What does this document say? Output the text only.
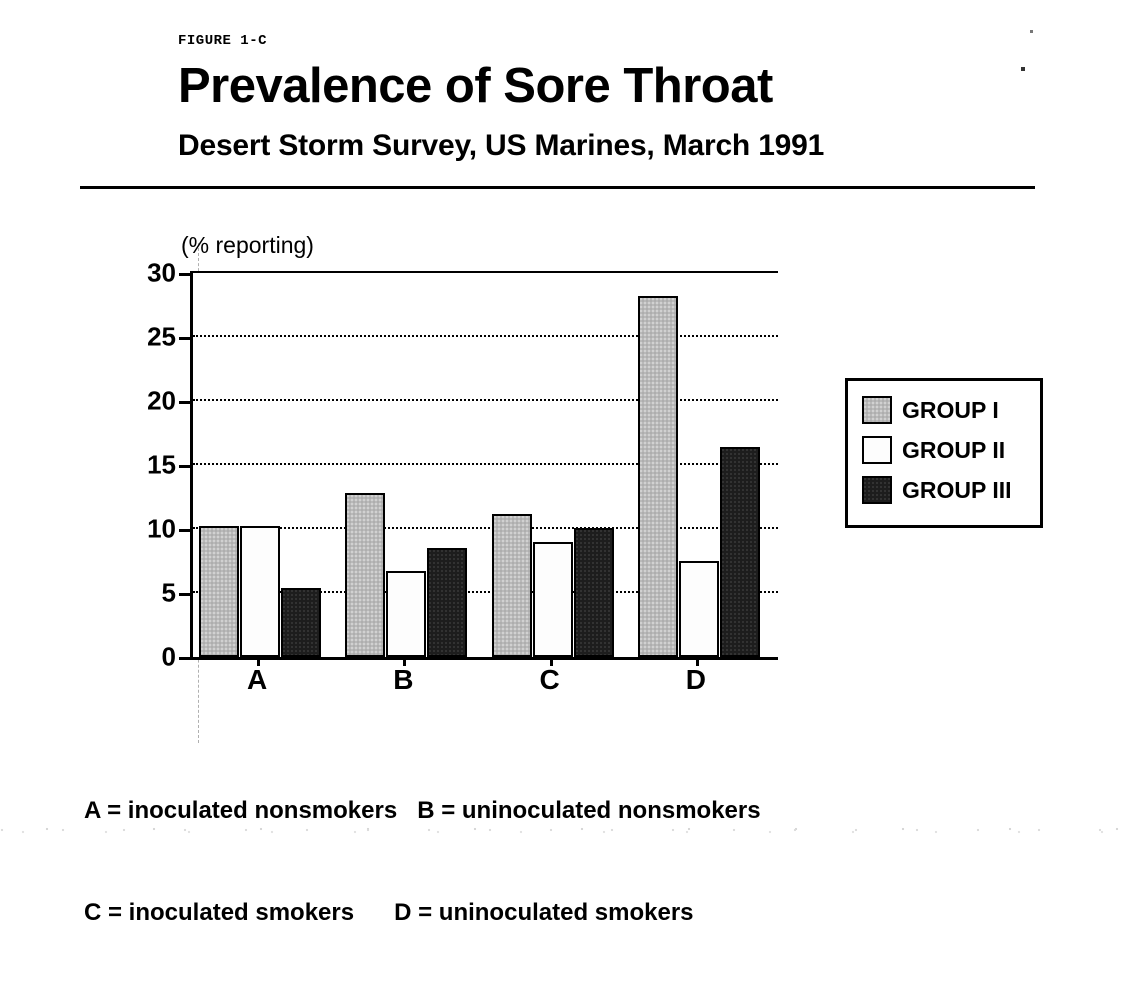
FIGURE 1-C
Prevalence of Sore Throat
Desert Storm Survey, US Marines, March 1991
(% reporting)
0
5
10
15
20
25
30
A	B	C	D
GROUP I
GROUP II
GROUP III

A = inoculated nonsmokers   B = uninoculated nonsmokers

C = inoculated smokers      D = uninoculated smokers
